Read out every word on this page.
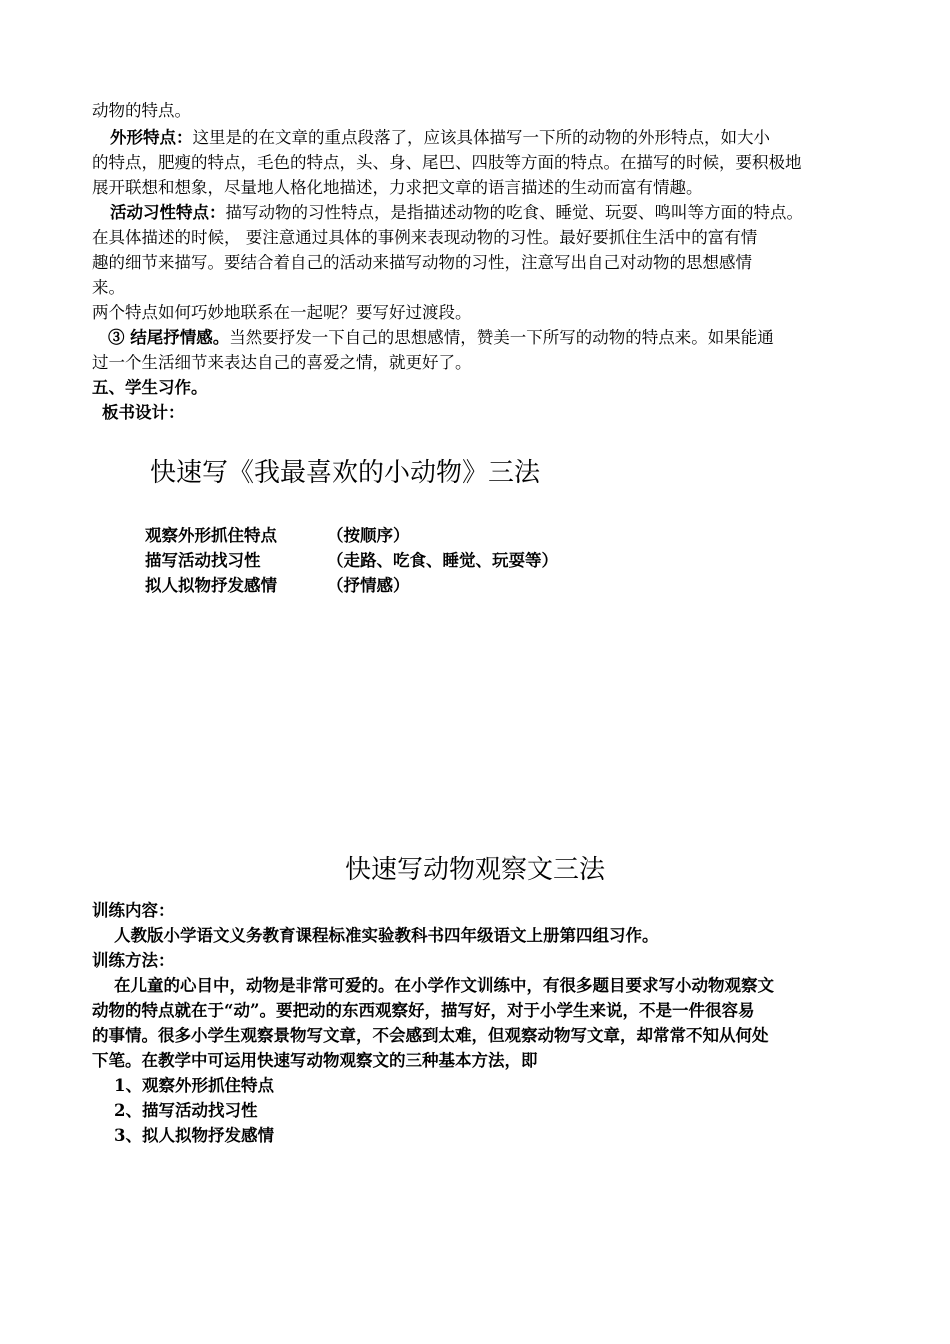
动物的特点。
外形特点：这里是的在文章的重点段落了，应该具体描写一下所的动物的外形特点，如大小
的特点，肥瘦的特点，毛色的特点，头、身、尾巴、四肢等方面的特点。在描写的时候，要积极地
展开联想和想象，尽量地人格化地描述，力求把文章的语言描述的生动而富有情趣。
活动习性特点：描写动物的习性特点，是指描述动物的吃食、睡觉、玩耍、鸣叫等方面的特点。
在具体描述的时候， 要注意通过具体的事例来表现动物的习性。最好要抓住生活中的富有情
趣的细节来描写。要结合着自己的活动来描写动物的习性，注意写出自己对动物的思想感情
来。
两个特点如何巧妙地联系在一起呢？要写好过渡段。
③ 结尾抒情感。当然要抒发一下自己的思想感情，赞美一下所写的动物的特点来。如果能通
过一个生活细节来表达自己的喜爱之情，就更好了。
五、学生习作。
板书设计：
快速写《我最喜欢的小动物》三法
观察外形抓住特点	（按顺序）
描写活动找习性	（走路、吃食、睡觉、玩耍等）
拟人拟物抒发感情	（抒情感）
快速写动物观察文三法
训练内容：
人教版小学语文义务教育课程标准实验教科书四年级语文上册第四组习作。
训练方法：
在儿童的心目中，动物是非常可爱的。在小学作文训练中，有很多题目要求写小动物观察文
动物的特点就在于“动”。要把动的东西观察好，描写好，对于小学生来说，不是一件很容易
的事情。很多小学生观察景物写文章，不会感到太难，但观察动物写文章，却常常不知从何处
下笔。在教学中可运用快速写动物观察文的三种基本方法，即
1、观察外形抓住特点
2、描写活动找习性
3、拟人拟物抒发感情
